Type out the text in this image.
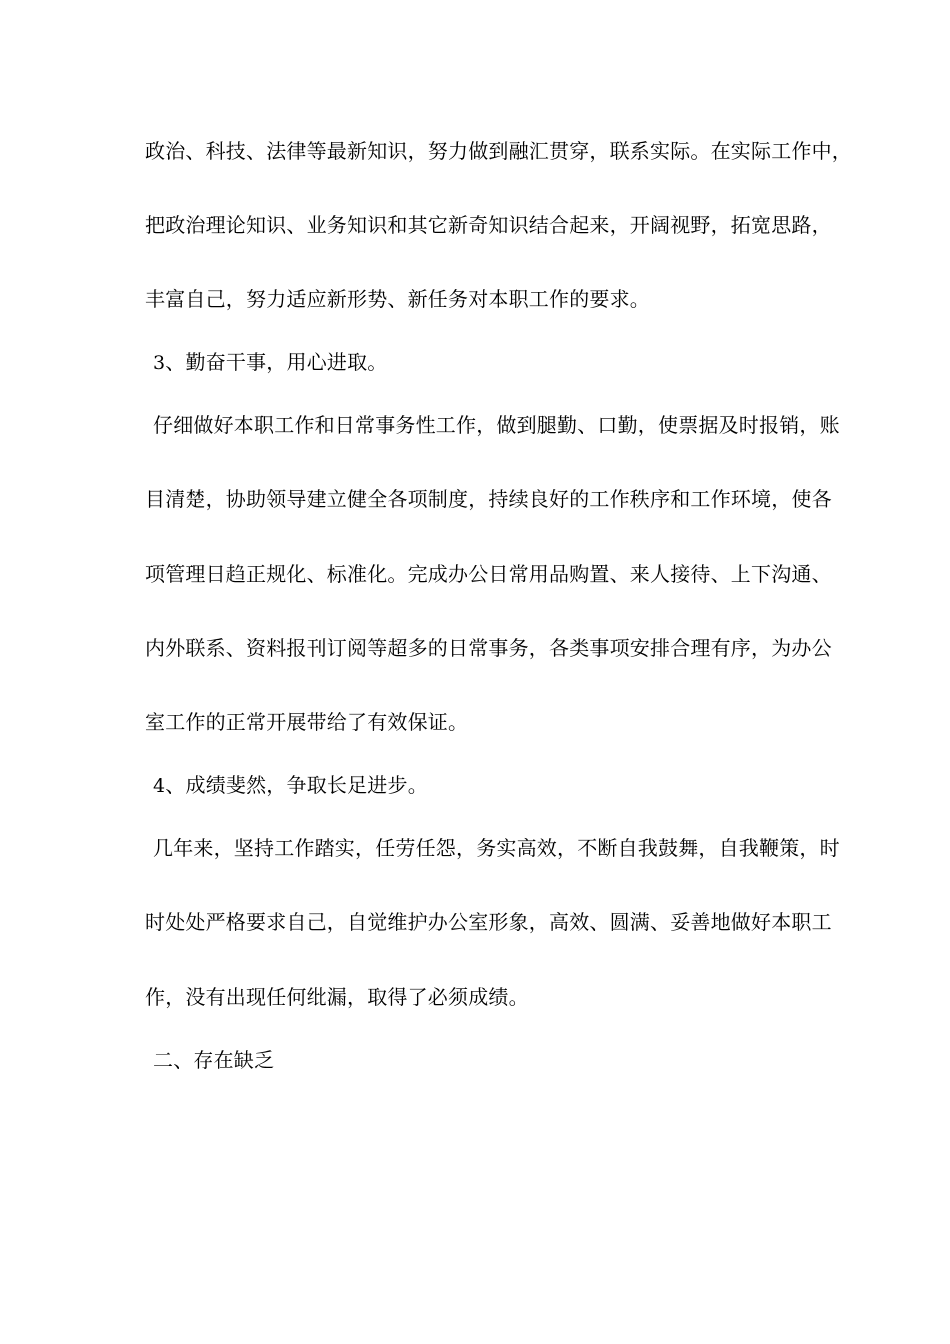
政治、科技、法律等最新知识，努力做到融汇贯穿，联系实际。在实际工作中，
把政治理论知识、业务知识和其它新奇知识结合起来，开阔视野，拓宽思路，
丰富自己，努力适应新形势、新任务对本职工作的要求。
3、勤奋干事，用心进取。
仔细做好本职工作和日常事务性工作，做到腿勤、口勤，使票据及时报销，账
目清楚，协助领导建立健全各项制度，持续良好的工作秩序和工作环境，使各
项管理日趋正规化、标准化。完成办公日常用品购置、来人接待、上下沟通、
内外联系、资料报刊订阅等超多的日常事务，各类事项安排合理有序，为办公
室工作的正常开展带给了有效保证。
4、成绩斐然，争取长足进步。
几年来，坚持工作踏实，任劳任怨，务实高效，不断自我鼓舞，自我鞭策，时
时处处严格要求自己，自觉维护办公室形象，高效、圆满、妥善地做好本职工
作，没有出现任何纰漏，取得了必须成绩。
二、存在缺乏
